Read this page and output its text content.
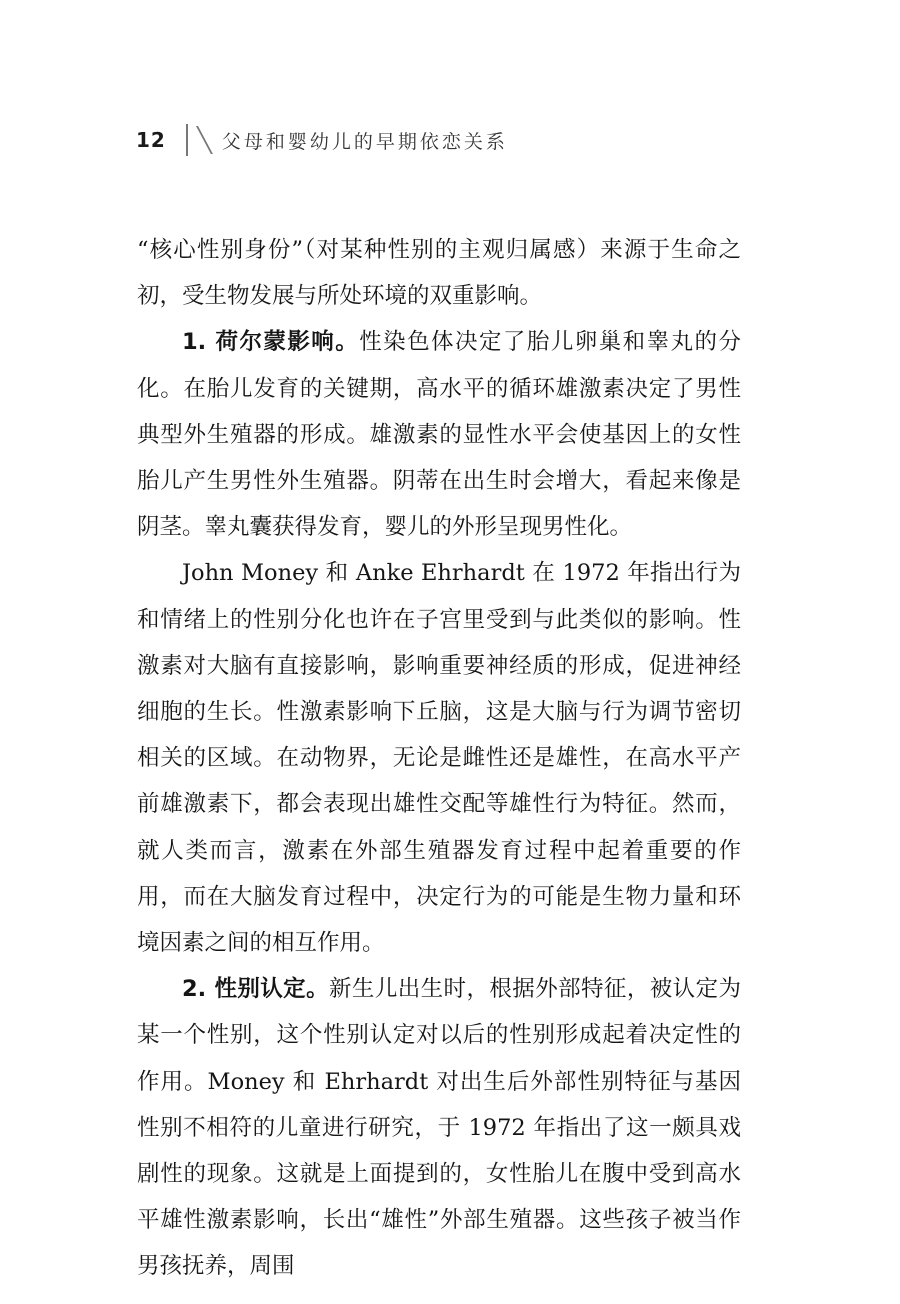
12	父母和婴幼儿的早期依恋关系

“核心性别身份”（对某种性别的主观归属感）来源于生命之初，受生物发展与所处环境的双重影响。

1. 荷尔蒙影响。性染色体决定了胎儿卵巢和睾丸的分化。在胎儿发育的关键期，高水平的循环雄激素决定了男性典型外生殖器的形成。雄激素的显性水平会使基因上的女性胎儿产生男性外生殖器。阴蒂在出生时会增大，看起来像是阴茎。睾丸囊获得发育，婴儿的外形呈现男性化。

John Money 和 Anke Ehrhardt 在 1972 年指出行为和情绪上的性别分化也许在子宫里受到与此类似的影响。性激素对大脑有直接影响，影响重要神经质的形成，促进神经细胞的生长。性激素影响下丘脑，这是大脑与行为调节密切相关的区域。在动物界，无论是雌性还是雄性，在高水平产前雄激素下，都会表现出雄性交配等雄性行为特征。然而，就人类而言，激素在外部生殖器发育过程中起着重要的作用，而在大脑发育过程中，决定行为的可能是生物力量和环境因素之间的相互作用。

2. 性别认定。新生儿出生时，根据外部特征，被认定为某一个性别，这个性别认定对以后的性别形成起着决定性的作用。Money 和 Ehrhardt 对出生后外部性别特征与基因性别不相符的儿童进行研究，于 1972 年指出了这一颇具戏剧性的现象。这就是上面提到的，女性胎儿在腹中受到高水平雄性激素影响，长出“雄性”外部生殖器。这些孩子被当作男孩抚养，周围
